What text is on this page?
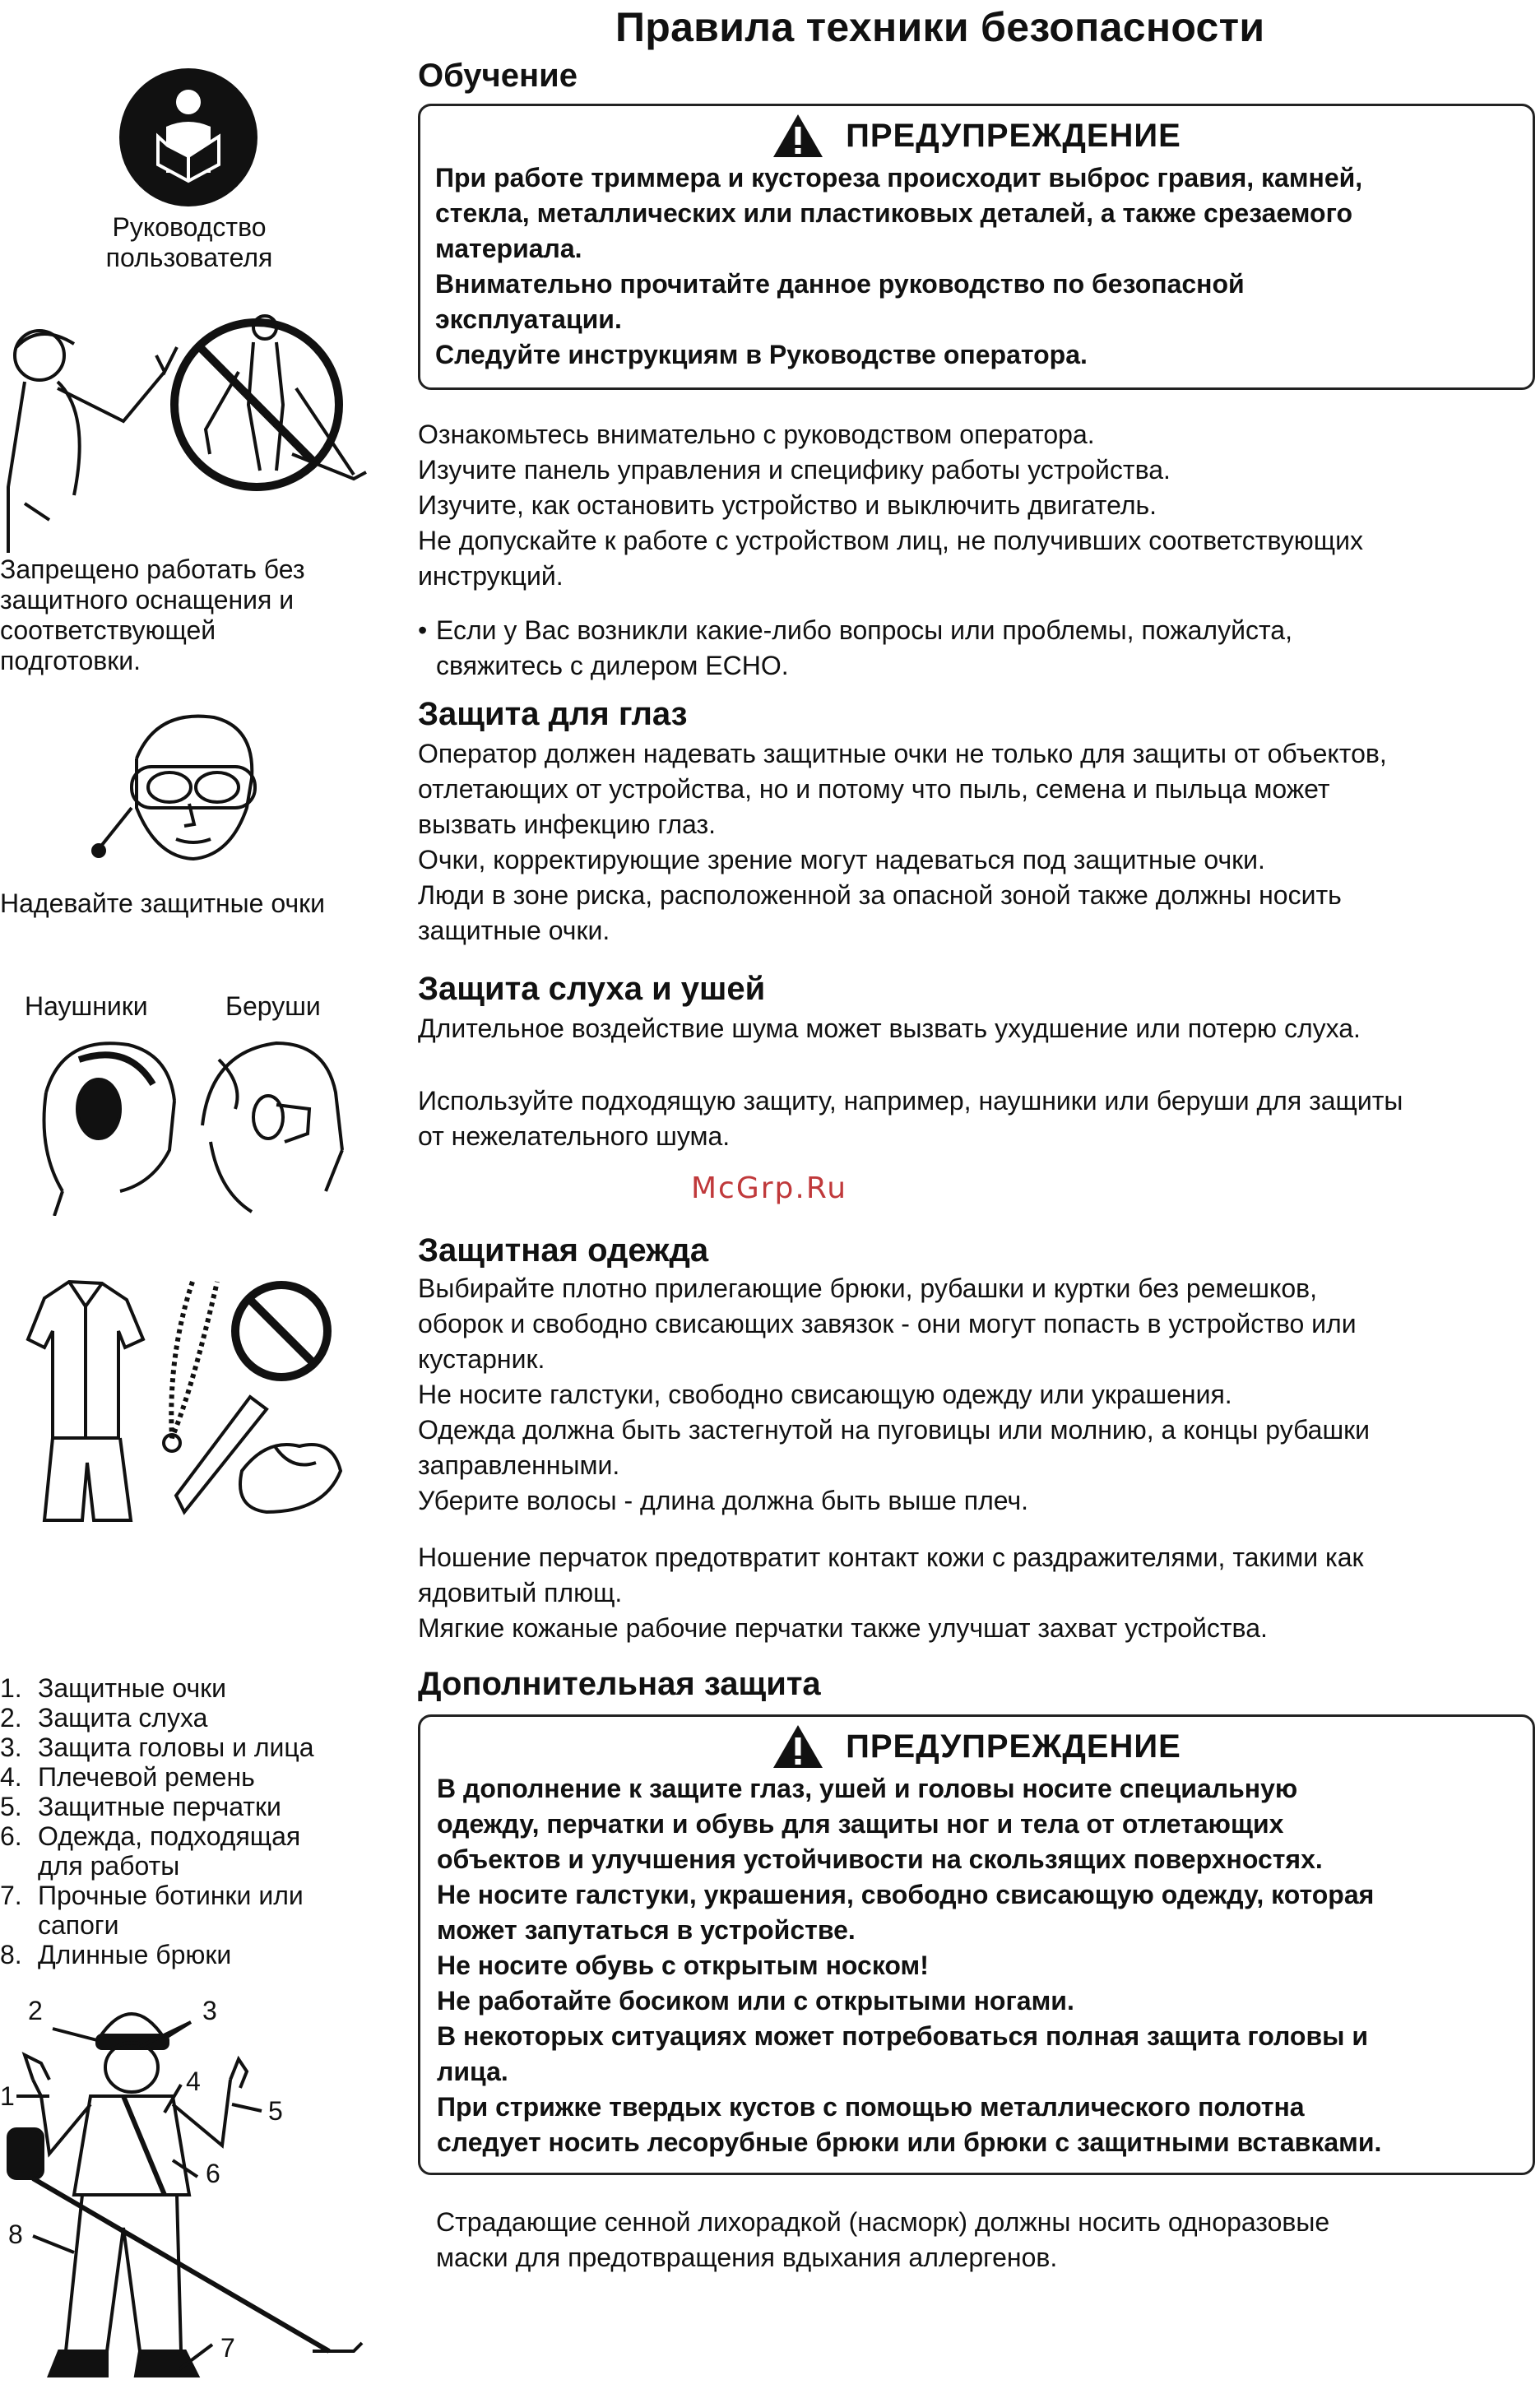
Правила техники безопасности
Обучение
ПРЕДУПРЕЖДЕНИЕ

При работе триммера и кустореза происходит выброс гравия, камней,

стекла, металлических или пластиковых деталей, а также срезаемого

материала.

Внимательно прочитайте данное руководство по безопасной

эксплуатации.

Следуйте инструкциям в Руководстве оператора.

Ознакомьтесь внимательно с руководством оператора.

Изучите панель управления и специфику работы устройства.

Изучите, как остановить устройство и выключить двигатель.

Не допускайте к работе с устройством лиц, не получивших соответствующих

инструкций.

• Если у Вас возникли какие-либо вопросы или проблемы, пожалуйста,

свяжитесь с дилером ECHO.

Защита для глаз

Оператор должен надевать защитные очки не только для защиты от объектов,

отлетающих от устройства, но и потому что пыль, семена и пыльца может

вызвать инфекцию глаз.

Очки, корректирующие зрение могут надеваться под защитные очки.

Люди в зоне риска, расположенной за опасной зоной также должны носить

защитные очки.

Защита слуха и ушей

Длительное воздействие шума может вызвать ухудшение или потерю слуха.

Используйте подходящую защиту, например, наушники или беруши для защиты

от нежелательного шума.

McGrp.Ru
Защитная одежда

Выбирайте плотно прилегающие брюки, рубашки и куртки без ремешков,

оборок и свободно свисающих завязок - они могут попасть в устройство или

кустарник.

Не носите галстуки, свободно свисающую одежду или украшения.

Одежда должна быть застегнутой на пуговицы или молнию, а концы рубашки

заправленными.

Уберите волосы - длина должна быть выше плеч.

Ношение перчаток предотвратит контакт кожи с раздражителями, такими как

ядовитый плющ.

Мягкие кожаные рабочие перчатки также улучшат захват устройства.

Дополнительная защита
ПРЕДУПРЕЖДЕНИЕ

В дополнение к защите глаз, ушей и головы носите специальную

одежду, перчатки и обувь для защиты ног и тела от отлетающих

объектов и улучшения устойчивости на скользящих поверхностях.

Не носите галстуки, украшения, свободно свисающую одежду, которая

может запутаться в устройстве.

Не носите обувь с открытым носком!

Не работайте босиком или с открытыми ногами.

В некоторых ситуациях может потребоваться полная защита головы и

лица.

При стрижке твердых кустов с помощью металлического полотна

следует носить лесорубные брюки или брюки с защитными вставками.

Страдающие сенной лихорадкой (насморк) должны носить одноразовые

маски для предотвращения вдыхания аллергенов.

Руководство
пользователя
Запрещено работать без
защитного оснащения и
соответствующей
подготовки.
Надевайте защитные очки
Наушники	Беруши
1. Защитные очки
2. Защита слуха
3. Защита головы и лица
4. Плечевой ремень
5. Защитные перчатки
6. Одежда, подходящая
для работы
7. Прочные ботинки или
сапоги
8. Длинные брюки
2	3
1	4
5
6
8
7
